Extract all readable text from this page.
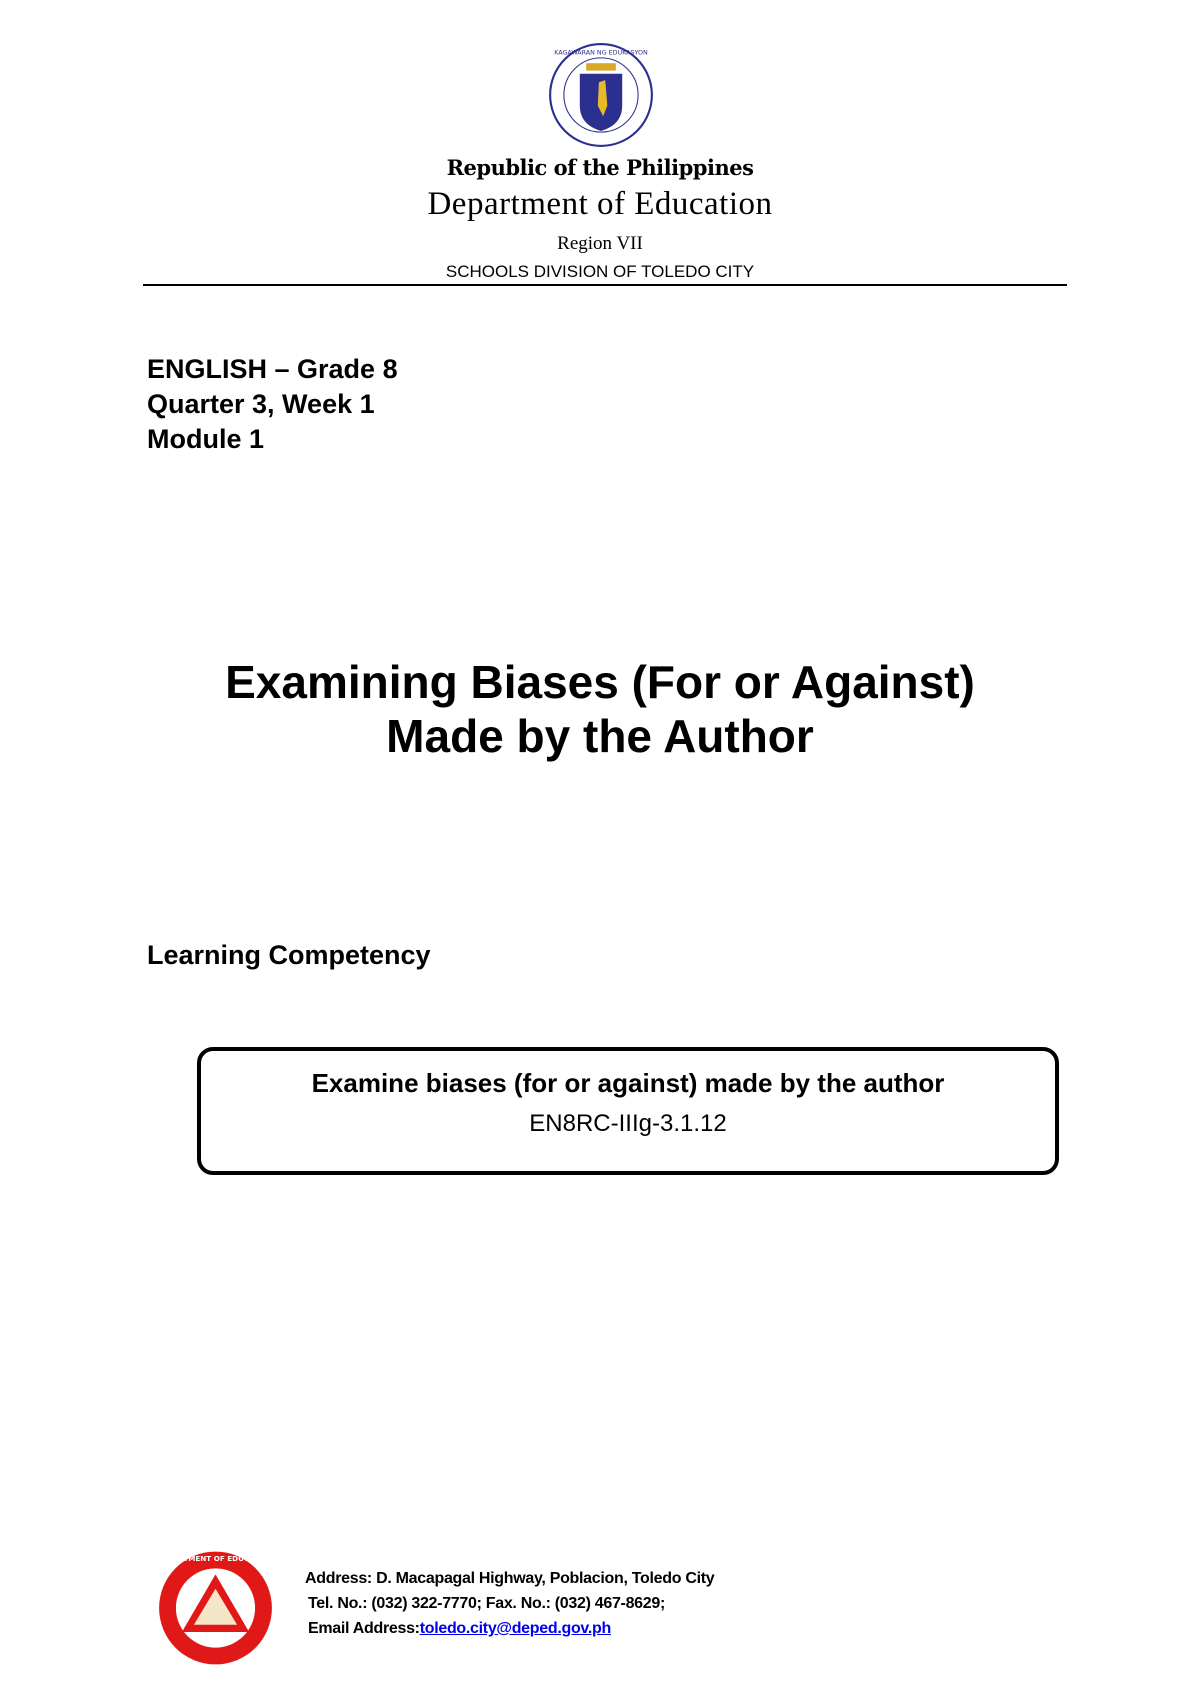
KAGAWARAN NG EDUKASYON
Republic of the Philippines
Department of Education
Region VII
SCHOOLS DIVISION OF TOLEDO CITY
ENGLISH – Grade 8
Quarter 3, Week 1
Module 1
Examining Biases (For or Against)
Made by the Author
Learning Competency
Examine biases (for or against) made by the author
EN8RC-IIIg-3.1.12
DEPARTMENT OF EDUCATION
Address: D. Macapagal Highway, Poblacion, Toledo City
Tel. No.: (032) 322-7770; Fax. No.: (032) 467-8629;
Email Address:toledo.city@deped.gov.ph
